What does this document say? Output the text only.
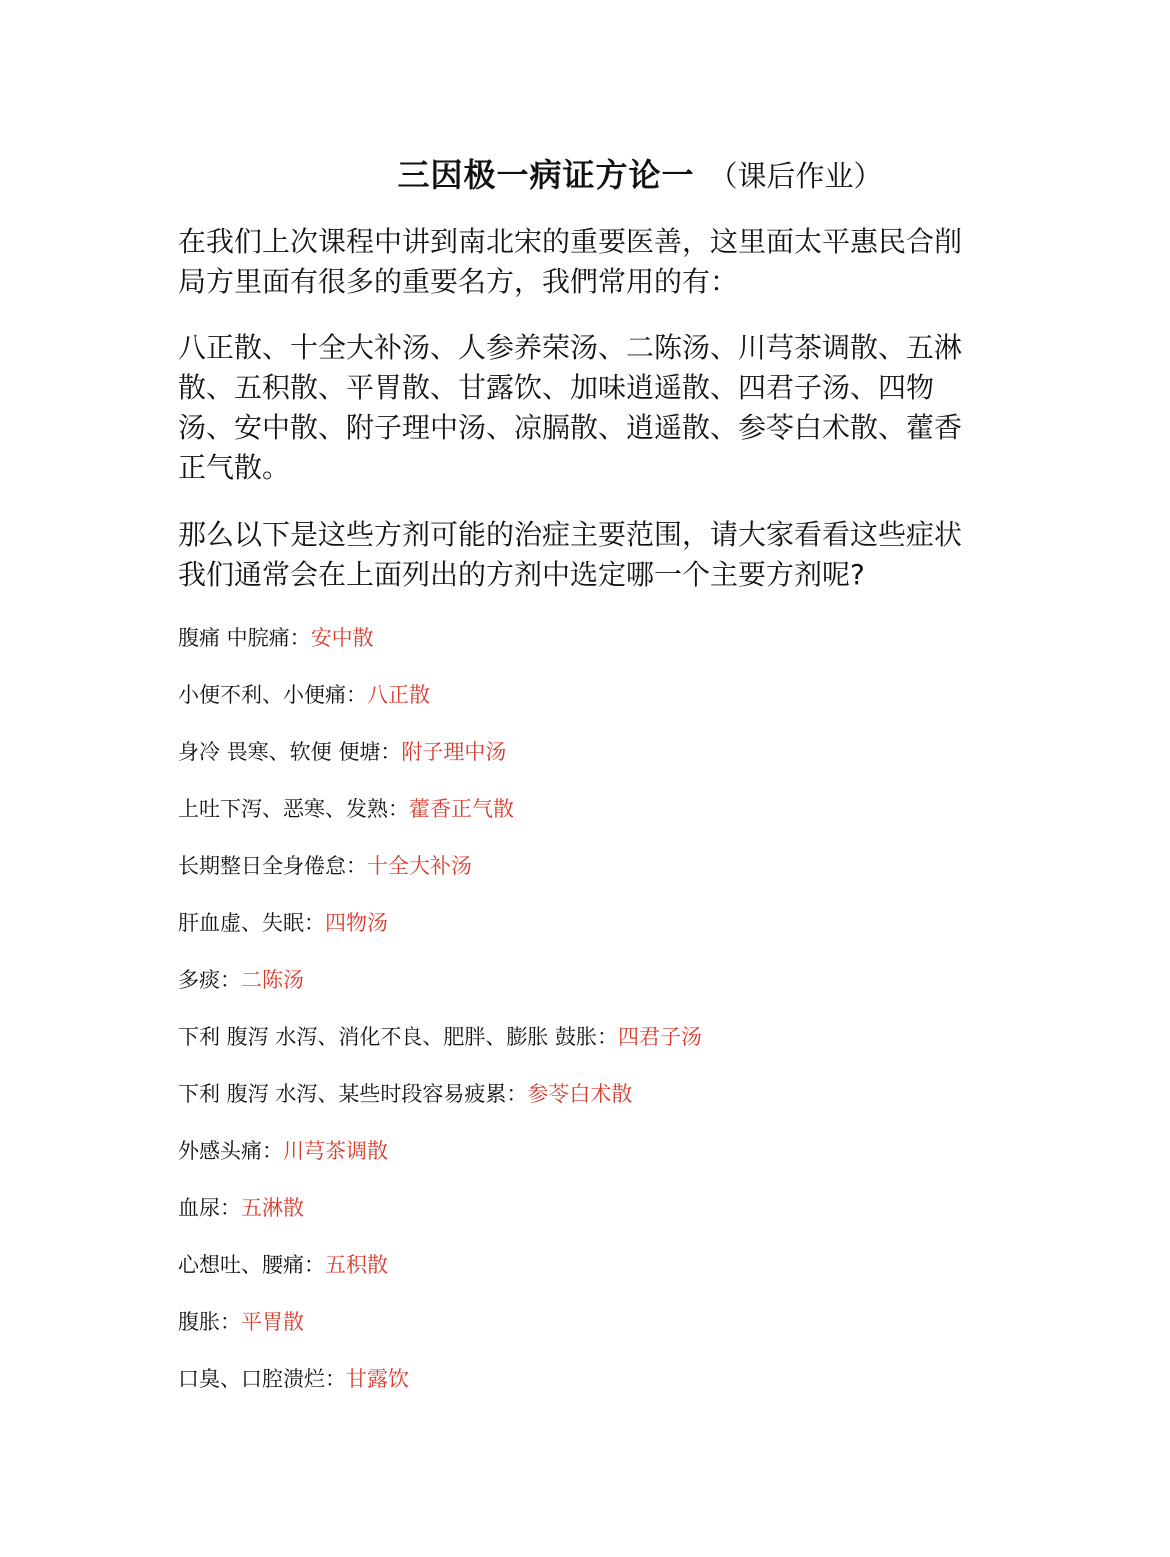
三因极一病证方论一 （课后作业）

在我们上次课程中讲到南北宋的重要医善，这里面太平惠民合削局方里面有很多的重要名方，我們常用的有：

八正散、十全大补汤、人参养荣汤、二陈汤、川芎茶调散、五淋散、五积散、平胃散、甘露饮、加味逍遥散、四君子汤、四物汤、安中散、附子理中汤、凉膈散、逍遥散、参苓白术散、藿香正气散。

那么以下是这些方剂可能的治症主要范围，请大家看看这些症状我们通常会在上面列出的方剂中选定哪一个主要方剂呢?

腹痛 中脘痛：安中散
小便不利、小便痛：八正散
身冷 畏寒、软便 便塘：附子理中汤
上吐下泻、恶寒、发熟：藿香正气散
长期整日全身倦怠：十全大补汤
肝血虚、失眠：四物汤
多痰：二陈汤
下利 腹泻 水泻、消化不良、肥胖、膨胀 鼓胀：四君子汤
下利 腹泻 水泻、某些时段容易疲累：参苓白术散
外感头痛：川芎茶调散
血尿：五淋散
心想吐、腰痛：五积散
腹胀：平胃散
口臭、口腔溃烂：甘露饮
